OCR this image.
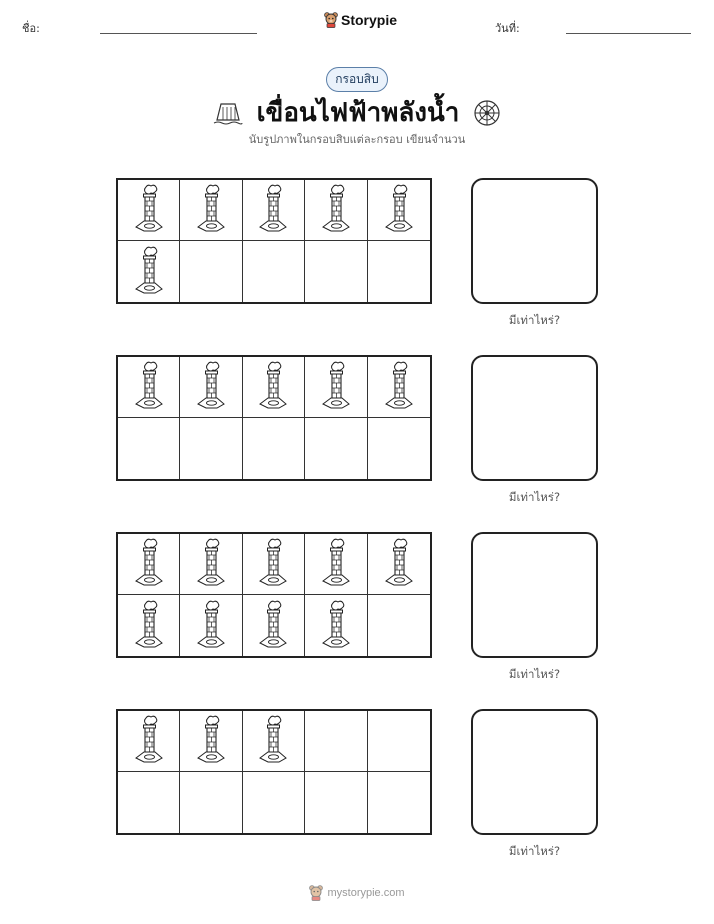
ชื่อ:
Storypie
วันที่:
กรอบสิบ
เขื่อนไฟฟ้าพลังน้ำ
นับรูปภาพในกรอบสิบแต่ละกรอบ เขียนจำนวน
มีเท่าไหร่?
มีเท่าไหร่?
มีเท่าไหร่?
มีเท่าไหร่?
mystorypie.com
